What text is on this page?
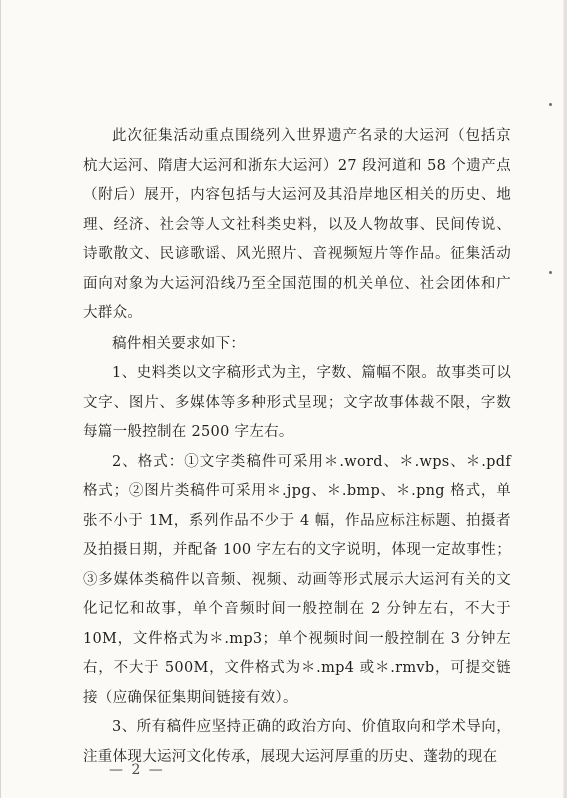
此次征集活动重点围绕列入世界遗产名录的大运河（包括京杭大运河、隋唐大运河和浙东大运河）27 段河道和 58 个遗产点（附后）展开，内容包括与大运河及其沿岸地区相关的历史、地理、经济、社会等人文社科类史料，以及人物故事、民间传说、诗歌散文、民谚歌谣、风光照片、音视频短片等作品。征集活动面向对象为大运河沿线乃至全国范围的机关单位、社会团体和广大群众。

稿件相关要求如下：

1、史料类以文字稿形式为主，字数、篇幅不限。故事类可以文字、图片、多媒体等多种形式呈现；文字故事体裁不限，字数每篇一般控制在 2500 字左右。

2、格式：①文字类稿件可采用＊.word、＊.wps、＊.pdf 格式；②图片类稿件可采用＊.jpg、＊.bmp、＊.png 格式，单张不小于 1M，系列作品不少于 4 幅，作品应标注标题、拍摄者及拍摄日期，并配备 100 字左右的文字说明，体现一定故事性；③多媒体类稿件以音频、视频、动画等形式展示大运河有关的文化记忆和故事，单个音频时间一般控制在 2 分钟左右，不大于 10M，文件格式为＊.mp3；单个视频时间一般控制在 3 分钟左右，不大于 500M，文件格式为＊.mp4 或＊.rmvb，可提交链接（应确保征集期间链接有效）。

3、所有稿件应坚持正确的政治方向、价值取向和学术导向，注重体现大运河文化传承，展现大运河厚重的历史、蓬勃的现在

— 2 —
